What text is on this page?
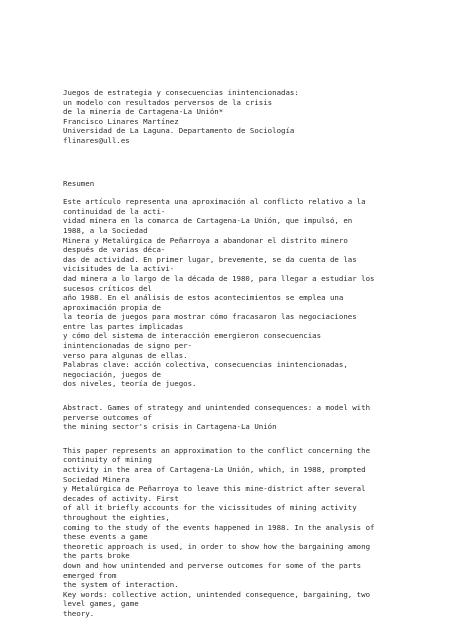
Juegos de estrategia y consecuencias inintencionadas:
un modelo con resultados perversos de la crisis
de la minería de Cartagena-La Unión*
Francisco Linares Martínez
Universidad de La Laguna. Departamento de Sociología
flinares@ull.es
Resumen
Este artículo representa una aproximación al conflicto relativo a la
continuidad de la acti-
vidad minera en la comarca de Cartagena-La Unión, que impulsó, en
1988, a la Sociedad
Minera y Metalúrgica de Peñarroya a abandonar el distrito minero
después de varias déca-
das de actividad. En primer lugar, brevemente, se da cuenta de las
vicisitudes de la activi-
dad minera a lo largo de la década de 1980, para llegar a estudiar los
sucesos críticos del
año 1988. En el análisis de estos acontecimientos se emplea una
aproximación propia de
la teoría de juegos para mostrar cómo fracasaron las negociaciones
entre las partes implicadas
y cómo del sistema de interacción emergieron consecuencias
inintencionadas de signo per-
verso para algunas de ellas.
Palabras clave: acción colectiva, consecuencias inintencionadas,
negociación, juegos de
dos niveles, teoría de juegos.
Abstract. Games of strategy and unintended consequences: a model with
perverse outcomes of
the mining sector's crisis in Cartagena-La Unión
This paper represents an approximation to the conflict concerning the
continuity of mining
activity in the area of Cartagena-La Unión, which, in 1988, prompted
Sociedad Minera
y Metalúrgica de Peñarroya to leave this mine-district after several
decades of activity. First
of all it briefly accounts for the vicissitudes of mining activity
throughout the eighties,
coming to the study of the events happened in 1988. In the analysis of
these events a game
theoretic approach is used, in order to show how the bargaining among
the parts broke
down and how unintended and perverse outcomes for some of the parts
emerged from
the system of interaction.
Key words: collective action, unintended consequence, bargaining, two
level games, game
theory.
